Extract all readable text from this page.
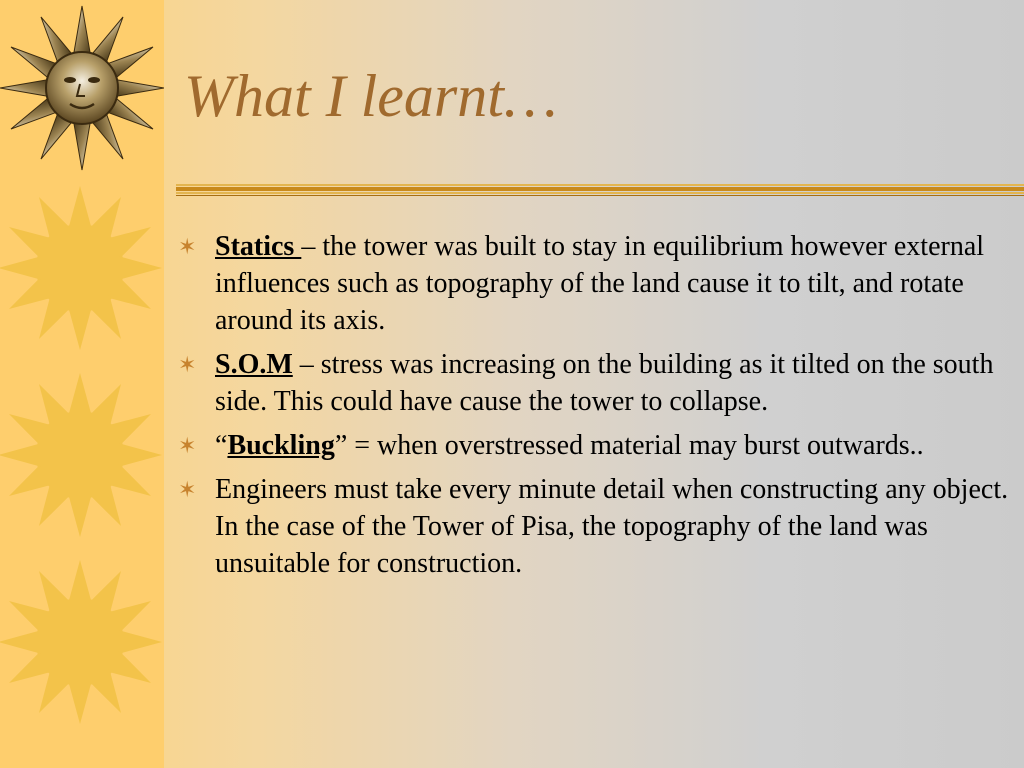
What I learnt…
✶ Statics – the tower was built to stay in equilibrium however external influences such as topography of the land cause it to tilt, and rotate around its axis.
✶ S.O.M – stress was increasing on the building as it tilted on the south side. This could have cause the tower to collapse.
✶ “Buckling” = when overstressed material may burst outwards..
✶ Engineers must take every minute detail when constructing any object. In the case of the Tower of Pisa, the topography of the land was unsuitable for construction.
